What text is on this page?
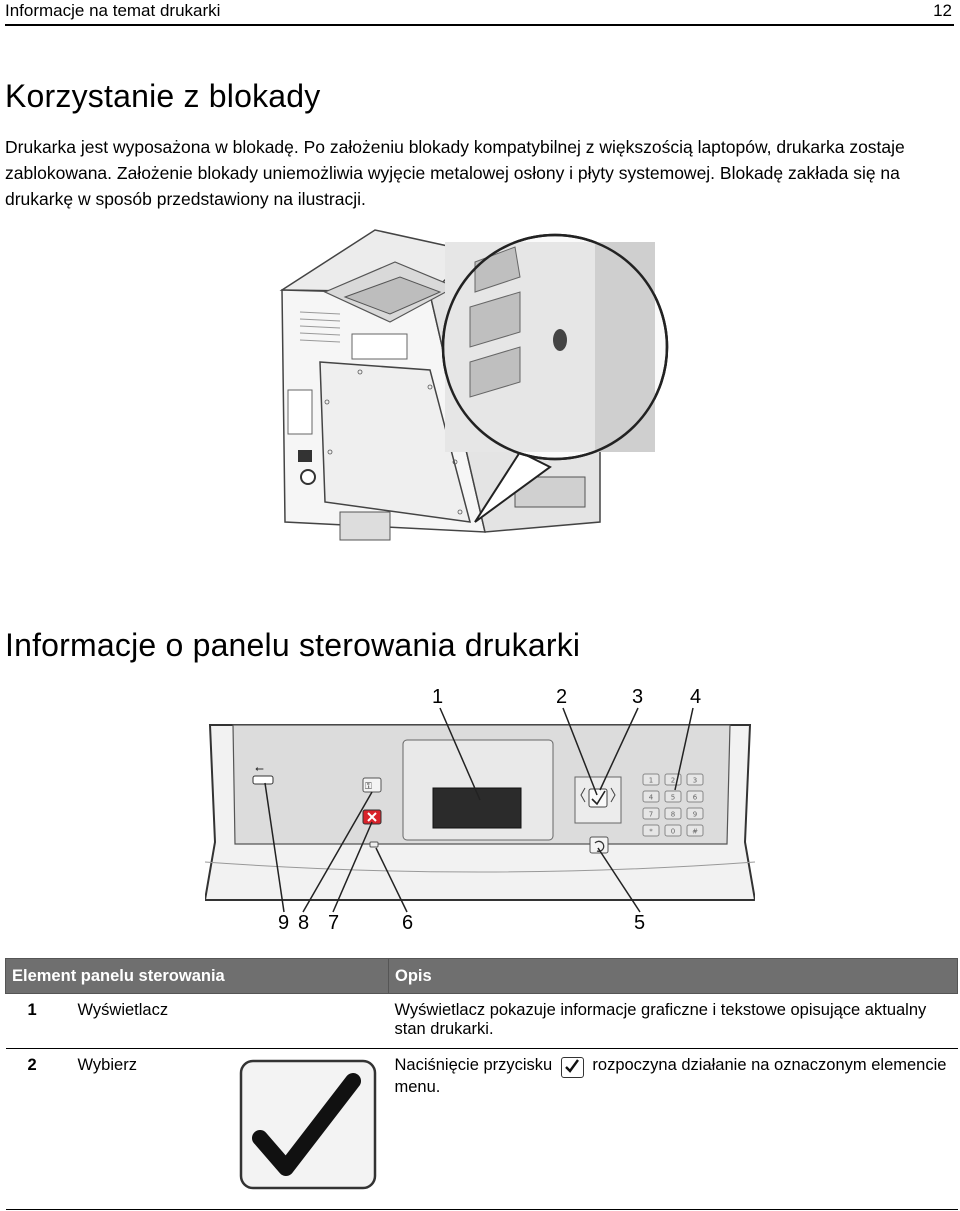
Informacje na temat drukarki	12
Korzystanie z blokady

Drukarka jest wyposażona w blokadę. Po założeniu blokady kompatybilnej z większością laptopów, drukarka zostaje zablokowana. Założenie blokady uniemożliwia wyjęcie metalowej osłony i płyty systemowej. Blokadę zakłada się na drukarkę w sposób przedstawiony na ilustracji.

Informacje o panelu sterowania drukarki
1	2	3 4
9 8 7	6	5
⭠
⚿
1	2	3
4	5	6
7	8	9
*	0 #
Element panelu sterowania			Opis
1	Wyświetlacz		Wyświetlacz pokazuje informacje graficzne i tekstowe opisujące aktualny stan drukarki.
2	Wybierz		Naciśnięcie przycisku rozpoczyna działanie na oznaczonym elemencie menu.
